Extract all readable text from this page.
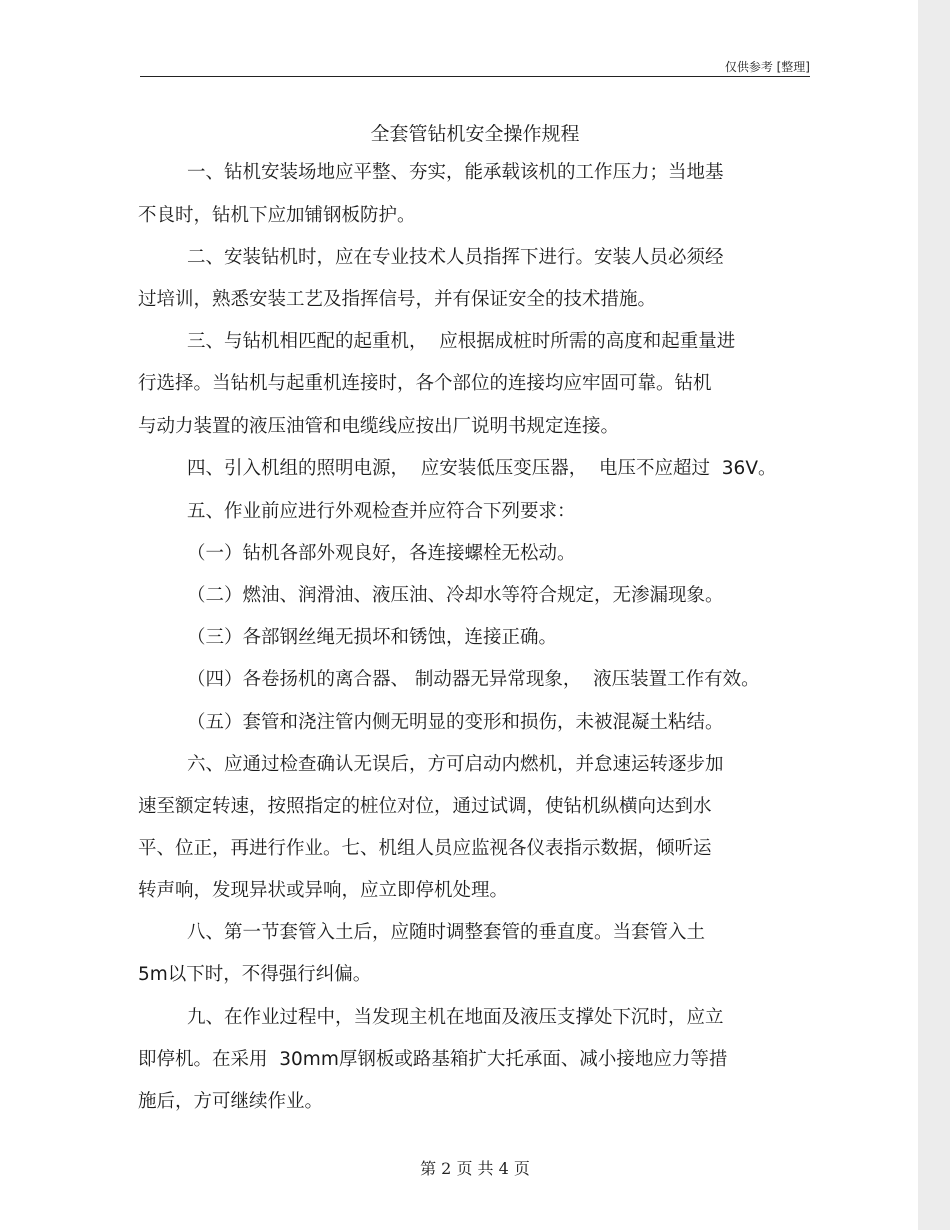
仅供参考 [整理]
全套管钻机安全操作规程
一、钻机安装场地应平整、夯实，能承载该机的工作压力；当地基
不良时，钻机下应加铺钢板防护。
二、安装钻机时，应在专业技术人员指挥下进行。安装人员必须经
过培训，熟悉安装工艺及指挥信号，并有保证安全的技术措施。
三、与钻机相匹配的起重机，  应根据成桩时所需的高度和起重量进
行选择。当钻机与起重机连接时，各个部位的连接均应牢固可靠。钻机
与动力装置的液压油管和电缆线应按出厂说明书规定连接。
四、引入机组的照明电源，  应安装低压变压器，  电压不应超过  36V。
五、作业前应进行外观检查并应符合下列要求：
（一）钻机各部外观良好，各连接螺栓无松动。
（二）燃油、润滑油、液压油、冷却水等符合规定，无渗漏现象。
（三）各部钢丝绳无损坏和锈蚀，连接正确。
（四）各卷扬机的离合器、 制动器无异常现象，  液压装置工作有效。
（五）套管和浇注管内侧无明显的变形和损伤，未被混凝土粘结。
六、应通过检查确认无误后，方可启动内燃机，并怠速运转逐步加
速至额定转速，按照指定的桩位对位，通过试调，使钻机纵横向达到水
平、位正，再进行作业。七、机组人员应监视各仪表指示数据，倾听运
转声响，发现异状或异响，应立即停机处理。
八、第一节套管入土后，应随时调整套管的垂直度。当套管入土
5m以下时，不得强行纠偏。
九、在作业过程中，当发现主机在地面及液压支撑处下沉时，应立
即停机。在采用  30mm厚钢板或路基箱扩大托承面、减小接地应力等措
施后，方可继续作业。
第 2 页 共 4 页
